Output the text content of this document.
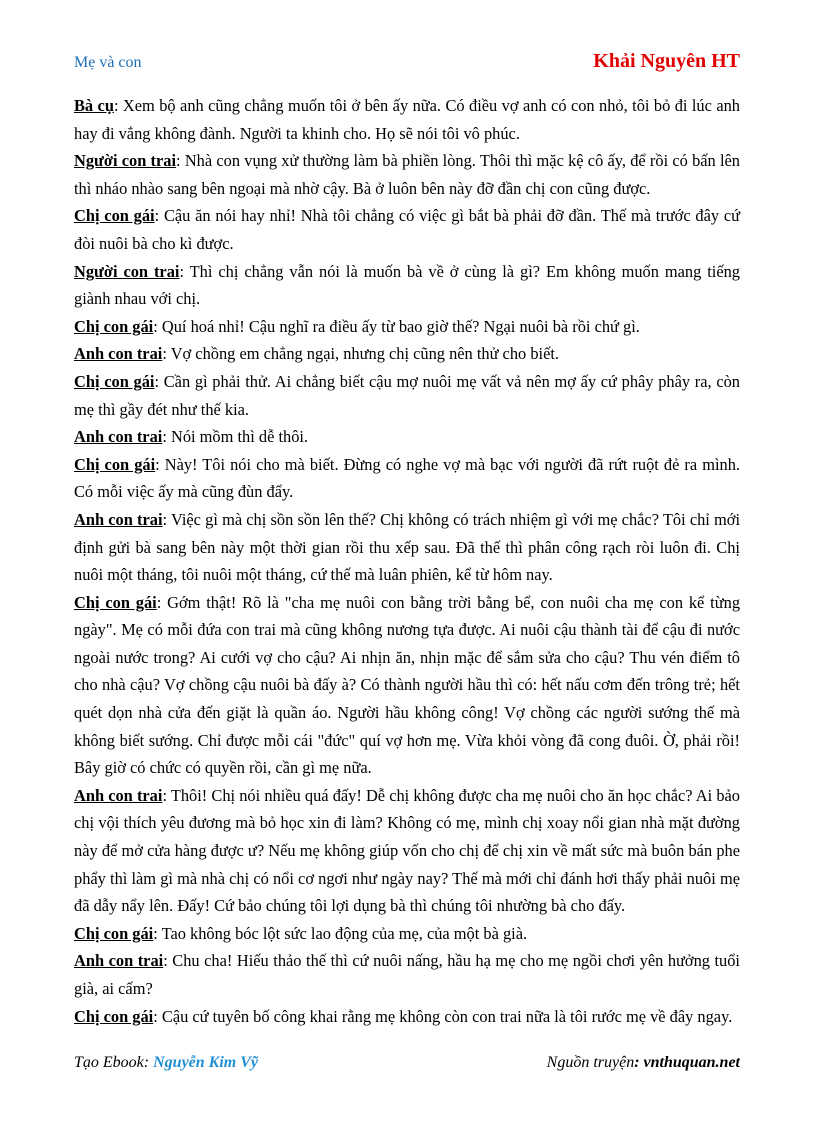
Mẹ và con	Khải Nguyên HT

Bà cụ: Xem bộ anh cũng chẳng muốn tôi ở bên ấy nữa. Có điều vợ anh có con nhỏ, tôi bỏ đi lúc anh hay đi vắng không đành. Người ta khinh cho. Họ sẽ nói tôi vô phúc.

Người con trai: Nhà con vụng xử thường làm bà phiền lòng. Thôi thì mặc kệ cô ấy, để rồi có bấn lên thì nháo nhào sang bên ngoại mà nhờ cậy. Bà ở luôn bên này đỡ đần chị con cũng được.

Chị con gái: Cậu ăn nói hay nhỉ! Nhà tôi chẳng có việc gì bắt bà phải đỡ đần. Thế mà trước đây cứ đòi nuôi bà cho kì được.

Người con trai: Thì chị chẳng vẫn nói là muốn bà về ở cùng là gì? Em không muốn mang tiếng giành nhau với chị.

Chị con gái: Quí hoá nhỉ! Cậu nghĩ ra điều ấy từ bao giờ thế? Ngại nuôi bà rồi chứ gì.

Anh con trai: Vợ chồng em chẳng ngại, nhưng chị cũng nên thử cho biết.

Chị con gái: Cần gì phải thử. Ai chẳng biết cậu mợ nuôi mẹ vất vả nên mợ ấy cứ phây phây ra, còn mẹ thì gầy đét như thế kia.

Anh con trai: Nói mồm thì dễ thôi.

Chị con gái: Này! Tôi nói cho mà biết. Đừng có nghe vợ mà bạc với người đã rứt ruột đẻ ra mình. Có mỗi việc ấy mà cũng đùn đẩy.

Anh con trai: Việc gì mà chị sồn sồn lên thế? Chị không có trách nhiệm gì với mẹ chắc? Tôi chỉ mới định gửi bà sang bên này một thời gian rồi thu xếp sau. Đã thế thì phân công rạch ròi luôn đi. Chị nuôi một tháng, tôi nuôi một tháng, cứ thế mà luân phiên, kể từ hôm nay.

Chị con gái: Gớm thật! Rõ là "cha mẹ nuôi con bằng trời bằng bể, con nuôi cha mẹ con kể từng ngày". Mẹ có mỗi đứa con trai mà cũng không nương tựa được. Ai nuôi cậu thành tài để cậu đi nước ngoài nước trong? Ai cưới vợ cho cậu? Ai nhịn ăn, nhịn mặc để sắm sửa cho cậu? Thu vén điểm tô cho nhà cậu? Vợ chồng cậu nuôi bà đấy à? Có thành người hầu thì có: hết nấu cơm đến trông trẻ; hết quét dọn nhà cửa đến giặt là quần áo. Người hầu không công! Vợ chồng các người sướng thế mà không biết sướng. Chỉ được mỗi cái "đức" quí vợ hơn mẹ. Vừa khỏi vòng đã cong đuôi. Ờ, phải rồi! Bây giờ có chức có quyền rồi, cần gì mẹ nữa.

Anh con trai: Thôi! Chị nói nhiều quá đấy! Dễ chị không được cha mẹ nuôi cho ăn học chắc? Ai bảo chị vội thích yêu đương mà bỏ học xin đi làm? Không có mẹ, mình chị xoay nổi gian nhà mặt đường này để mở cửa hàng được ư? Nếu mẹ không giúp vốn cho chị để chị xin về mất sức mà buôn bán phe phẩy thì làm gì mà nhà chị có nổi cơ ngơi như ngày nay? Thế mà mới chỉ đánh hơi thấy phải nuôi mẹ đã dẫy nẩy lên. Đấy! Cứ bảo chúng tôi lợi dụng bà thì chúng tôi nhường bà cho đấy.

Chị con gái: Tao không bóc lột sức lao động của mẹ, của một bà già.

Anh con trai: Chu cha! Hiếu thảo thế thì cứ nuôi nấng, hầu hạ mẹ cho mẹ ngồi chơi yên hưởng tuổi già, ai cấm?

Chị con gái: Cậu cứ tuyên bố công khai rằng mẹ không còn con trai nữa là tôi rước mẹ về đây ngay.

Tạo Ebook: Nguyễn Kim Vỹ	Nguồn truyện: vnthuquan.net
